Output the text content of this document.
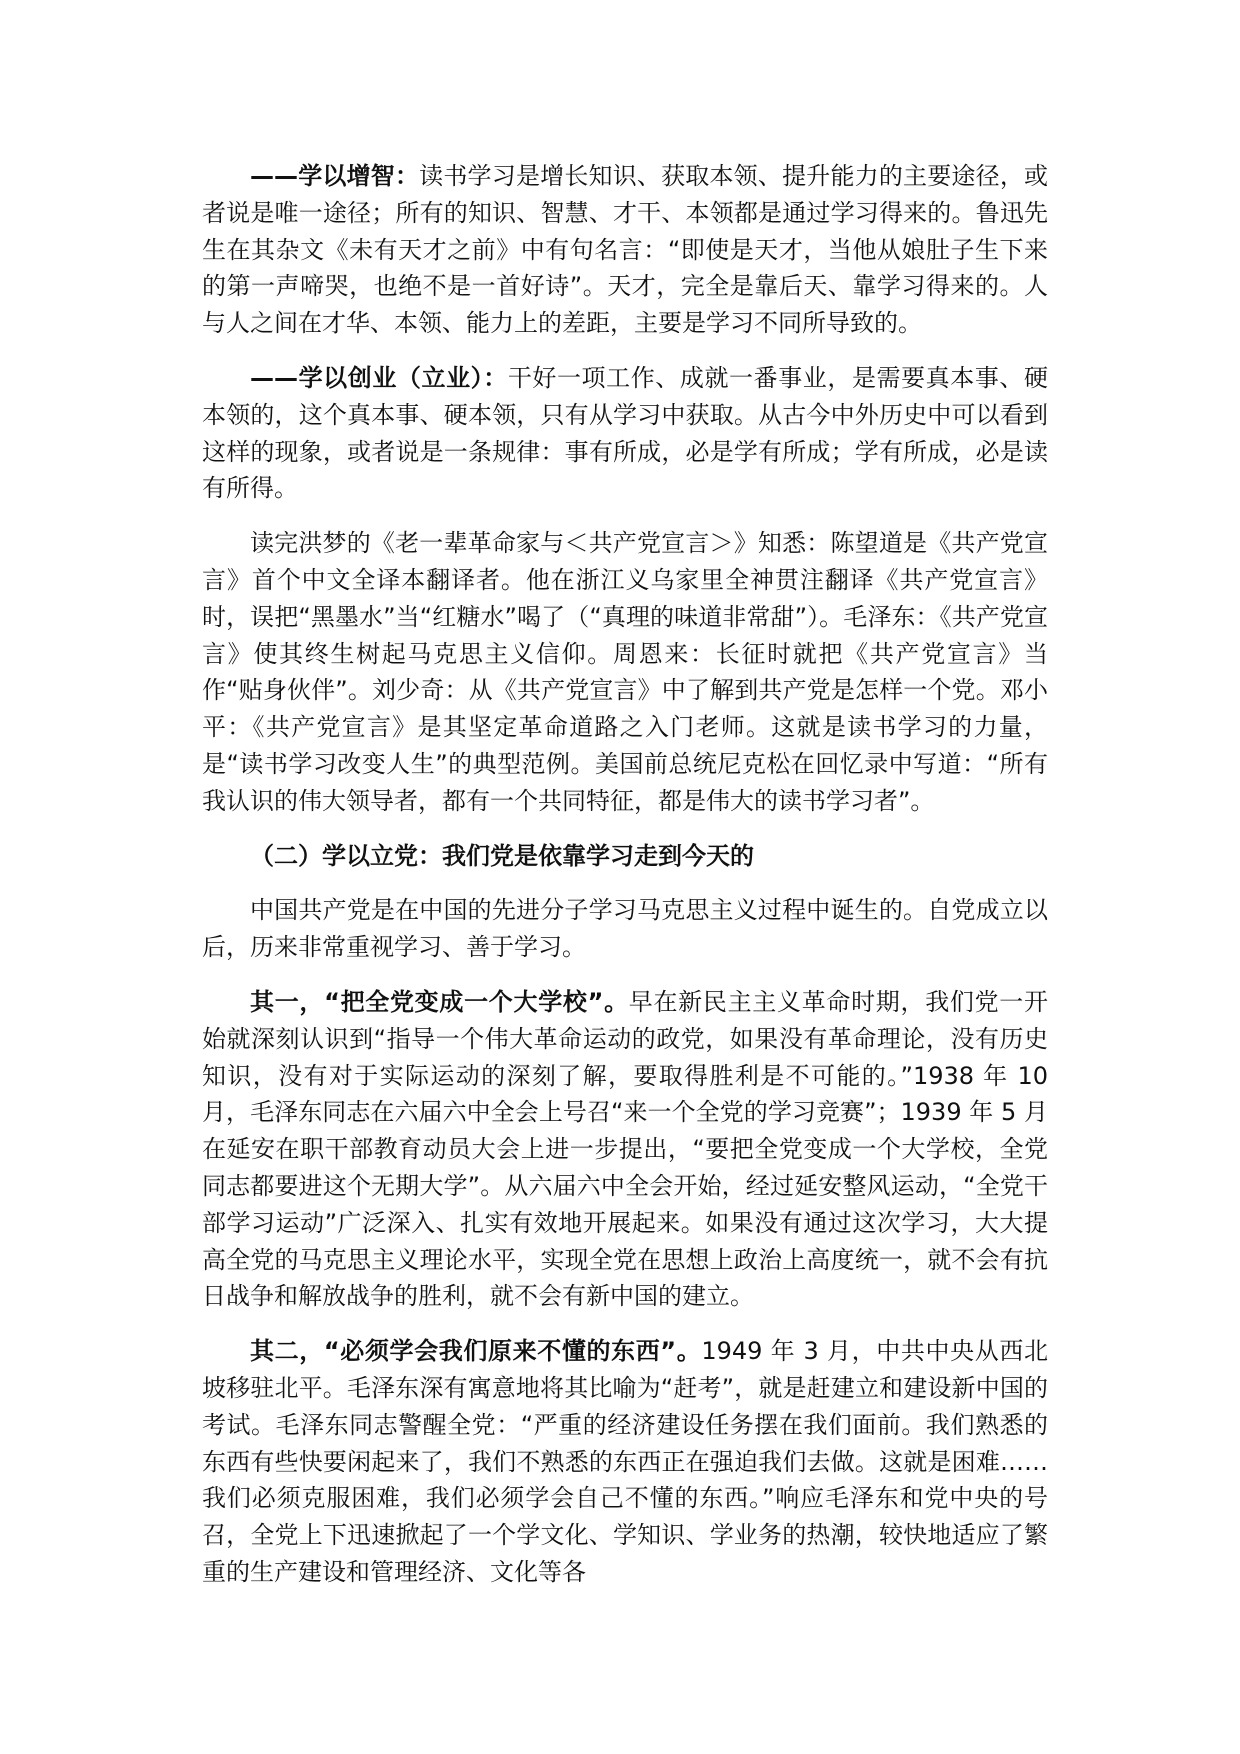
——学以增智：读书学习是增长知识、获取本领、提升能力的主要途径，或者说是唯一途径；所有的知识、智慧、才干、本领都是通过学习得来的。鲁迅先生在其杂文《未有天才之前》中有句名言：“即使是天才，当他从娘肚子生下来的第一声啼哭，也绝不是一首好诗”。天才，完全是靠后天、靠学习得来的。人与人之间在才华、本领、能力上的差距，主要是学习不同所导致的。

——学以创业（立业）：干好一项工作、成就一番事业，是需要真本事、硬本领的，这个真本事、硬本领，只有从学习中获取。从古今中外历史中可以看到这样的现象，或者说是一条规律：事有所成，必是学有所成；学有所成，必是读有所得。

读完洪梦的《老一辈革命家与＜共产党宣言＞》知悉：陈望道是《共产党宣言》首个中文全译本翻译者。他在浙江义乌家里全神贯注翻译《共产党宣言》时，误把“黑墨水”当“红糖水”喝了（“真理的味道非常甜”）。毛泽东：《共产党宣言》使其终生树起马克思主义信仰。周恩来：长征时就把《共产党宣言》当作“贴身伙伴”。刘少奇：从《共产党宣言》中了解到共产党是怎样一个党。邓小平：《共产党宣言》是其坚定革命道路之入门老师。这就是读书学习的力量，是“读书学习改变人生”的典型范例。美国前总统尼克松在回忆录中写道：“所有我认识的伟大领导者，都有一个共同特征，都是伟大的读书学习者”。

（二）学以立党：我们党是依靠学习走到今天的

中国共产党是在中国的先进分子学习马克思主义过程中诞生的。自党成立以后，历来非常重视学习、善于学习。

其一，“把全党变成一个大学校”。早在新民主主义革命时期，我们党一开始就深刻认识到“指导一个伟大革命运动的政党，如果没有革命理论，没有历史知识，没有对于实际运动的深刻了解，要取得胜利是不可能的。”1938 年 10 月，毛泽东同志在六届六中全会上号召“来一个全党的学习竞赛”；1939 年 5 月在延安在职干部教育动员大会上进一步提出，“要把全党变成一个大学校，全党同志都要进这个无期大学”。从六届六中全会开始，经过延安整风运动，“全党干部学习运动”广泛深入、扎实有效地开展起来。如果没有通过这次学习，大大提高全党的马克思主义理论水平，实现全党在思想上政治上高度统一，就不会有抗日战争和解放战争的胜利，就不会有新中国的建立。

其二，“必须学会我们原来不懂的东西”。1949 年 3 月，中共中央从西北坡移驻北平。毛泽东深有寓意地将其比喻为“赶考”，就是赶建立和建设新中国的考试。毛泽东同志警醒全党：“严重的经济建设任务摆在我们面前。我们熟悉的东西有些快要闲起来了，我们不熟悉的东西正在强迫我们去做。这就是困难……我们必须克服困难，我们必须学会自己不懂的东西。”响应毛泽东和党中央的号召，全党上下迅速掀起了一个学文化、学知识、学业务的热潮，较快地适应了繁重的生产建设和管理经济、文化等各
